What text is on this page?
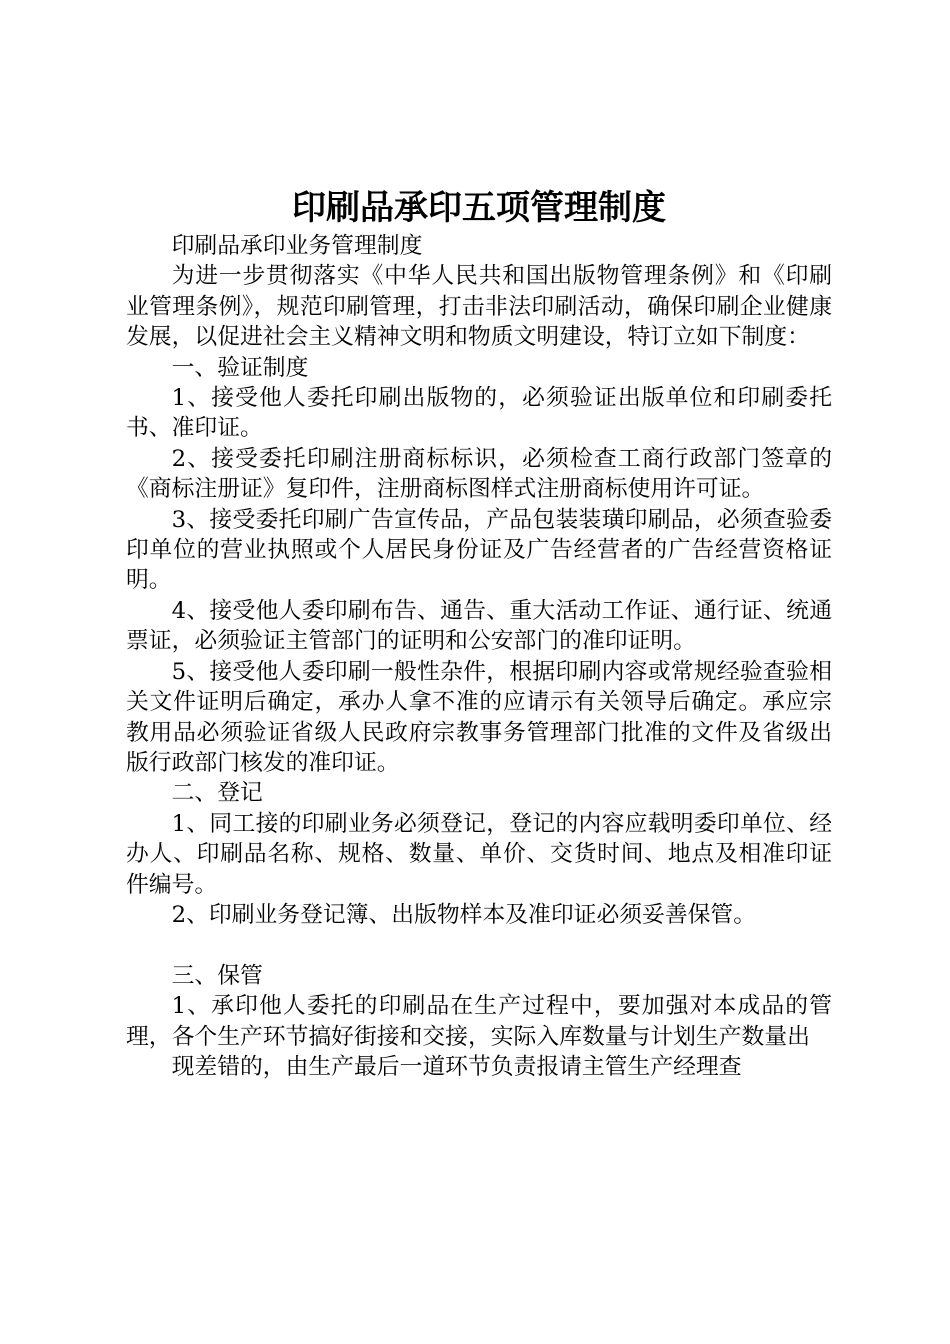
印刷品承印五项管理制度

印刷品承印业务管理制度

为进一步贯彻落实《中华人民共和国出版物管理条例》和《印刷业管理条例》，规范印刷管理，打击非法印刷活动，确保印刷企业健康发展，以促进社会主义精神文明和物质文明建设，特订立如下制度：

一、验证制度

1、接受他人委托印刷出版物的，必须验证出版单位和印刷委托书、准印证。

2、接受委托印刷注册商标标识，必须检查工商行政部门签章的《商标注册证》复印件，注册商标图样式注册商标使用许可证。

3、接受委托印刷广告宣传品，产品包装装璜印刷品，必须查验委印单位的营业执照或个人居民身份证及广告经营者的广告经营资格证明。

4、接受他人委印刷布告、通告、重大活动工作证、通行证、统通票证，必须验证主管部门的证明和公安部门的准印证明。

5、接受他人委印刷一般性杂件，根据印刷内容或常规经验查验相关文件证明后确定，承办人拿不准的应请示有关领导后确定。承应宗教用品必须验证省级人民政府宗教事务管理部门批准的文件及省级出版行政部门核发的准印证。

二、登记

1、同工接的印刷业务必须登记，登记的内容应载明委印单位、经办人、印刷品名称、规格、数量、单价、交货时间、地点及相准印证件编号。

2、印刷业务登记簿、出版物样本及准印证必须妥善保管。

三、保管

1、承印他人委托的印刷品在生产过程中，要加强对本成品的管理，各个生产环节搞好街接和交接，实际入库数量与计划生产数量出

现差错的，由生产最后一道环节负责报请主管生产经理查
